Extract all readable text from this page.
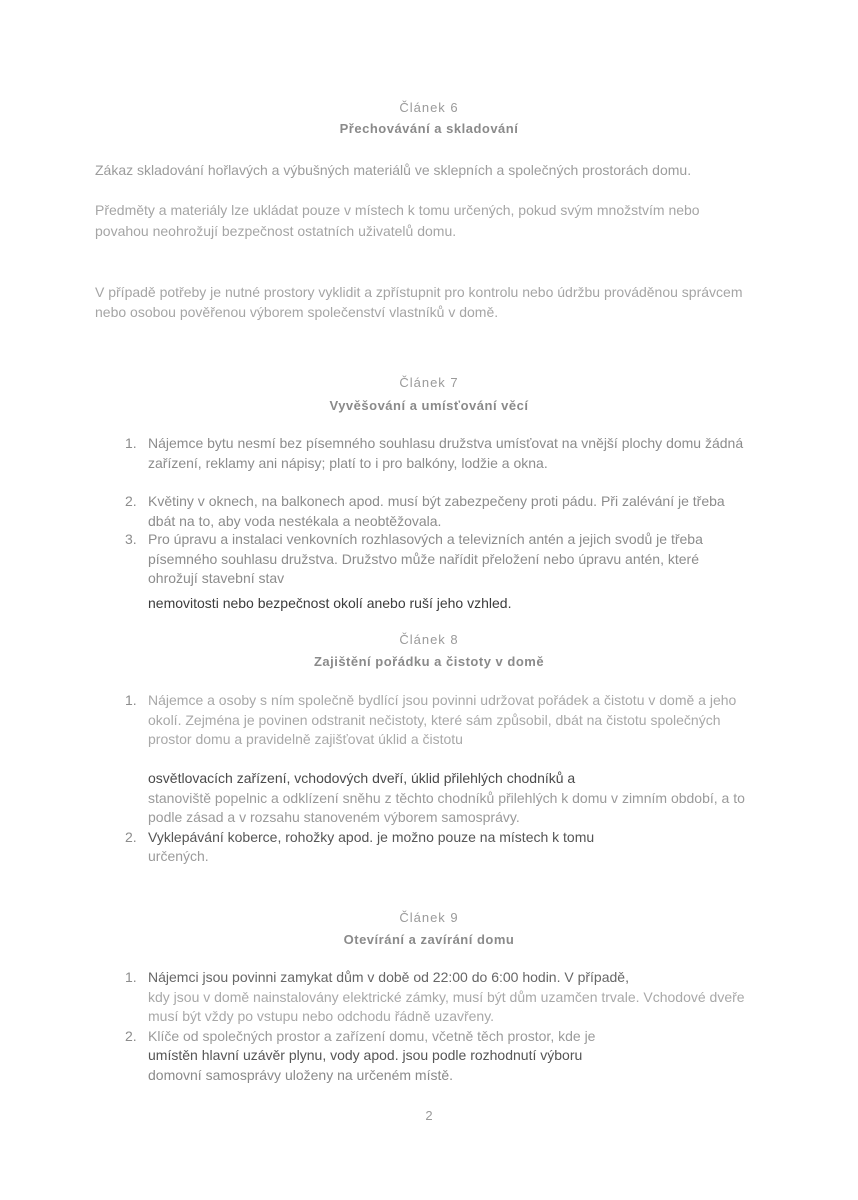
Článek 6
Přechovávání a skladování
Zákaz skladování hořlavých a výbušných materiálů ve sklepních a společných prostorách domu.
Předměty a materiály lze ukládat pouze v místech k tomu určených, pokud svým množstvím nebo povahou neohrožují bezpečnost ostatních uživatelů domu.
V případě potřeby je nutné prostory vyklidit a zpřístupnit pro kontrolu nebo údržbu prováděnou správcem nebo osobou pověřenou výborem společenství vlastníků v domě.
Článek 7
Vyvěšování a umísťování věcí
1. Nájemce bytu nesmí bez písemného souhlasu družstva umísťovat na vnější plochy domu žádná zařízení, reklamy ani nápisy; platí to i pro balkóny, lodžie a okna.
2. Květiny v oknech, na balkonech apod. musí být zabezpečeny proti pádu. Při zalévání je třeba dbát na to, aby voda nestékala a neobtěžovala.
3. Pro úpravu a instalaci venkovních rozhlasových a televizních antén a jejich svodů je třeba písemného souhlasu družstva. Družstvo může nařídit přeložení nebo úpravu antén, které ohrožují stavební stav
nemovitosti nebo bezpečnost okolí anebo ruší jeho vzhled.
Článek 8
Zajištění pořádku a čistoty v domě
1. Nájemce a osoby s ním společně bydlící jsou povinni udržovat pořádek a čistotu v domě a jeho okolí. Zejména je povinen odstranit nečistoty, které sám způsobil, dbát na čistotu společných prostor domu a pravidelně zajišťovat úklid a čistotu
osvětlovacích zařízení, vchodových dveří, úklid přilehlých chodníků a
stanoviště popelnic a odklízení sněhu z těchto chodníků přilehlých k domu v zimním období, a to podle zásad a v rozsahu stanoveném výborem samosprávy.
2. Vyklepávání koberce, rohožky apod. je možno pouze na místech k tomu
určených.
Článek 9
Otevírání a zavírání domu
1. Nájemci jsou povinni zamykat dům v době od 22:00 do 6:00 hodin. V případě,
kdy jsou v domě nainstalovány elektrické zámky, musí být dům uzamčen trvale. Vchodové dveře musí být vždy po vstupu nebo odchodu řádně uzavřeny.
2. Klíče od společných prostor a zařízení domu, včetně těch prostor, kde je
umístěn hlavní uzávěr plynu, vody apod. jsou podle rozhodnutí výboru
domovní samosprávy uloženy na určeném místě.
2
